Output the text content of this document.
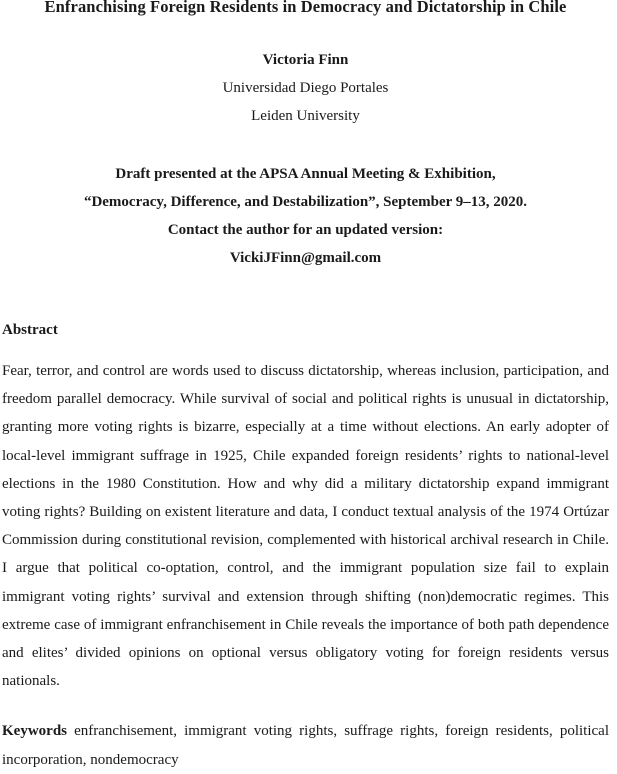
Enfranchising Foreign Residents in Democracy and Dictatorship in Chile
Victoria Finn
Universidad Diego Portales
Leiden University
Draft presented at the APSA Annual Meeting & Exhibition,
“Democracy, Difference, and Destabilization”, September 9–13, 2020.
Contact the author for an updated version:
VickiJFinn@gmail.com
Abstract

Fear, terror, and control are words used to discuss dictatorship, whereas inclusion, participation, and freedom parallel democracy. While survival of social and political rights is unusual in dictatorship, granting more voting rights is bizarre, especially at a time without elections. An early adopter of local-level immigrant suffrage in 1925, Chile expanded foreign residents’ rights to national-level elections in the 1980 Constitution. How and why did a military dictatorship expand immigrant voting rights? Building on existent literature and data, I conduct textual analysis of the 1974 Ortúzar Commission during constitutional revision, complemented with historical archival research in Chile. I argue that political co-optation, control, and the immigrant population size fail to explain immigrant voting rights’ survival and extension through shifting (non)democratic regimes. This extreme case of immigrant enfranchisement in Chile reveals the importance of both path dependence and elites’ divided opinions on optional versus obligatory voting for foreign residents versus nationals.

Keywords enfranchisement, immigrant voting rights, suffrage rights, foreign residents, political incorporation, nondemocracy
